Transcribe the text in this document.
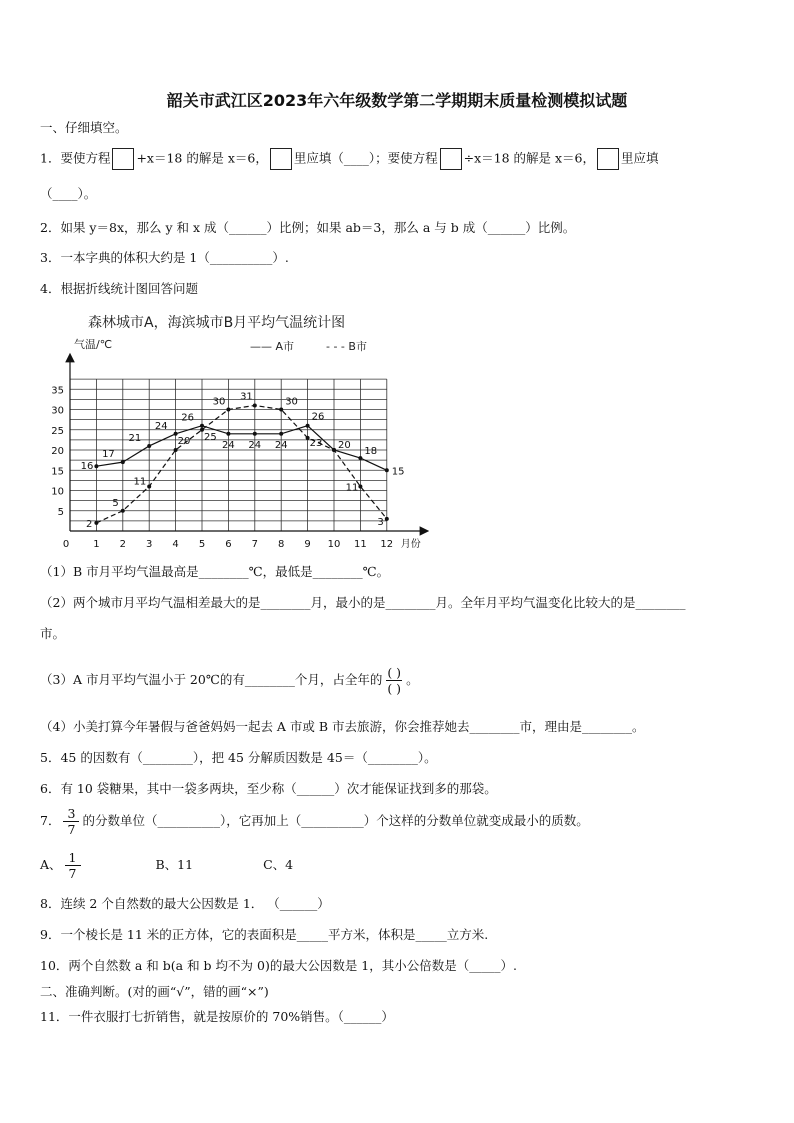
韶关市武江区2023年六年级数学第二学期期末质量检测模拟试题
一、仔细填空。
1．要使方程 +x＝18 的解是 x＝6， 里应填（____）；要使方程 ÷x＝18 的解是 x＝6， 里应填
（____）。
2．如果 y＝8x，那么 y 和 x 成（______）比例；如果 ab＝3，那么 a 与 b 成（______）比例。
3．一本字典的体积大约是 1（__________）.
4．根据折线统计图回答问题
森林城市A，海滨城市B月平均气温统计图
气温/℃	—— A市	- - - B市
5
10
15
20
25
30
35
0 1 2 3 4 5 6 7 8 9 10 11 12 月份
16
17
21
24
26
24 24 24
26
20
18
15
2
5
11
20 25
30 31	30
23
11
3
（1）B 市月平均气温最高是________℃，最低是________℃。
（2）两个城市月平均气温相差最大的是________月，最小的是________月。全年月平均气温变化比较大的是________
市。
（3）A 市月平均气温小于 20℃的有________个月，占全年的 $\frac{( )}{( )}$ 。
（4）小美打算今年暑假与爸爸妈妈一起去 A 市或 B 市去旅游，你会推荐她去________市，理由是________。
5．45 的因数有（________），把 45 分解质因数是 45＝（________）。
6．有 10 袋糖果，其中一袋多两块，至少称（______）次才能保证找到多的那袋。
7． $\frac{3}{7}$ 的分数单位（__________），它再加上（__________）个这样的分数单位就变成最小的质数。
A、 $\frac{1}{7}$	B、11	C、4
8．连续 2 个自然数的最大公因数是 1． （______）
9．一个棱长是 11 米的正方体，它的表面积是_____平方米，体积是_____立方米.
10．两个自然数 a 和 b(a 和 b 均不为 0)的最大公因数是 1，其小公倍数是（_____）.
二、准确判断。(对的画“√”，错的画“×”)
11．一件衣服打七折销售，就是按原价的 70%销售。（______）
